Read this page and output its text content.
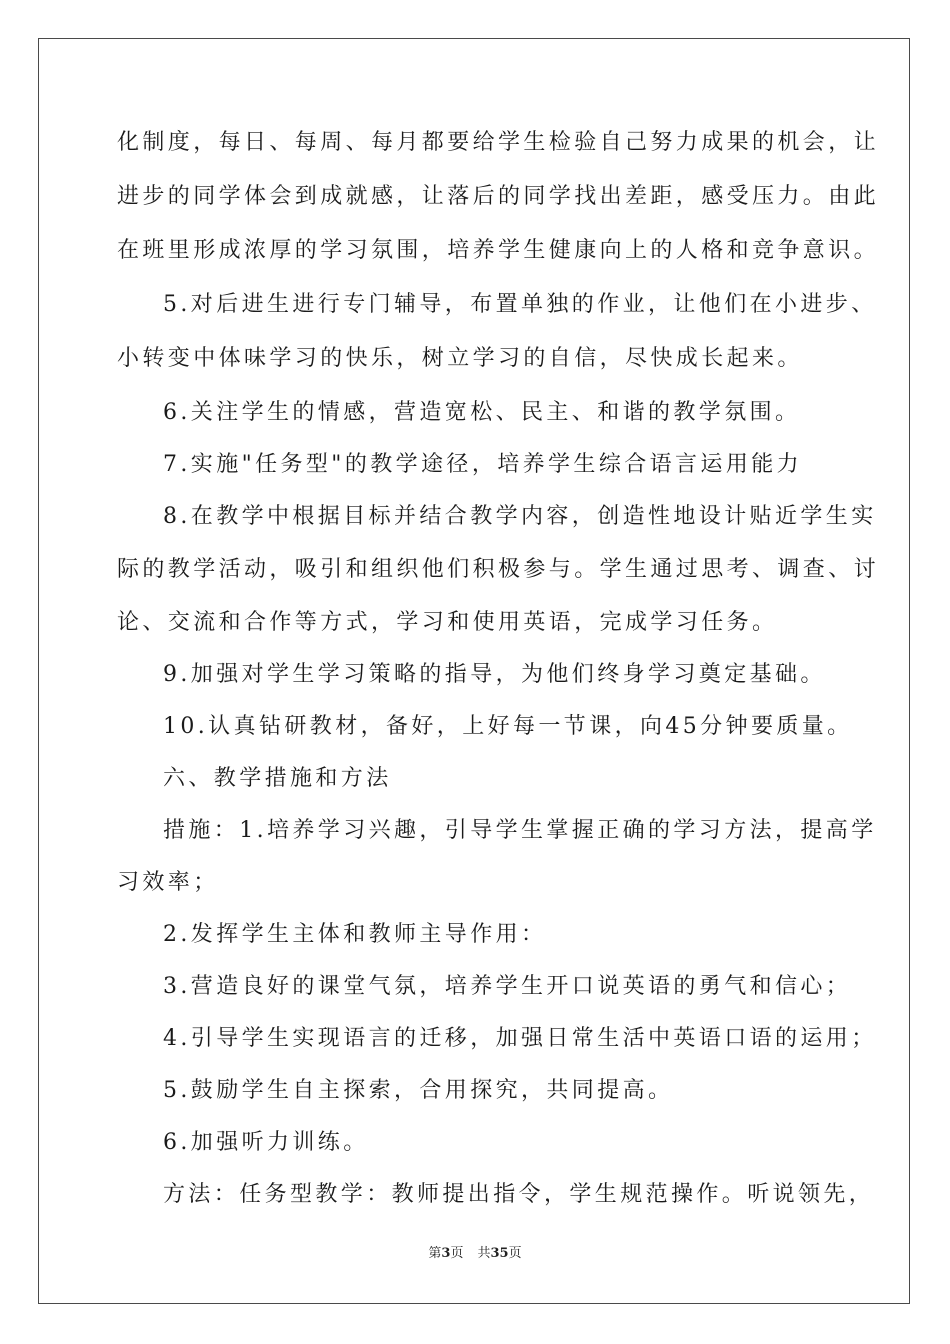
化制度，每日、每周、每月都要给学生检验自己努力成果的机会，让
进步的同学体会到成就感，让落后的同学找出差距，感受压力。由此
在班里形成浓厚的学习氛围，培养学生健康向上的人格和竞争意识。
5.对后进生进行专门辅导，布置单独的作业，让他们在小进步、
小转变中体味学习的快乐，树立学习的自信，尽快成长起来。
6.关注学生的情感，营造宽松、民主、和谐的教学氛围。
7.实施"任务型"的教学途径，培养学生综合语言运用能力
8.在教学中根据目标并结合教学内容，创造性地设计贴近学生实
际的教学活动，吸引和组织他们积极参与。学生通过思考、调查、讨
论、交流和合作等方式，学习和使用英语，完成学习任务。
9.加强对学生学习策略的指导，为他们终身学习奠定基础。
10.认真钻研教材，备好，上好每一节课，向45分钟要质量。
六、教学措施和方法
措施：1.培养学习兴趣，引导学生掌握正确的学习方法，提高学
习效率；
2.发挥学生主体和教师主导作用：
3.营造良好的课堂气氛，培养学生开口说英语的勇气和信心；
4.引导学生实现语言的迁移，加强日常生活中英语口语的运用；
5.鼓励学生自主探索，合用探究，共同提高。
6.加强听力训练。
方法：任务型教学：教师提出指令，学生规范操作。听说领先，
第3页 共35页
